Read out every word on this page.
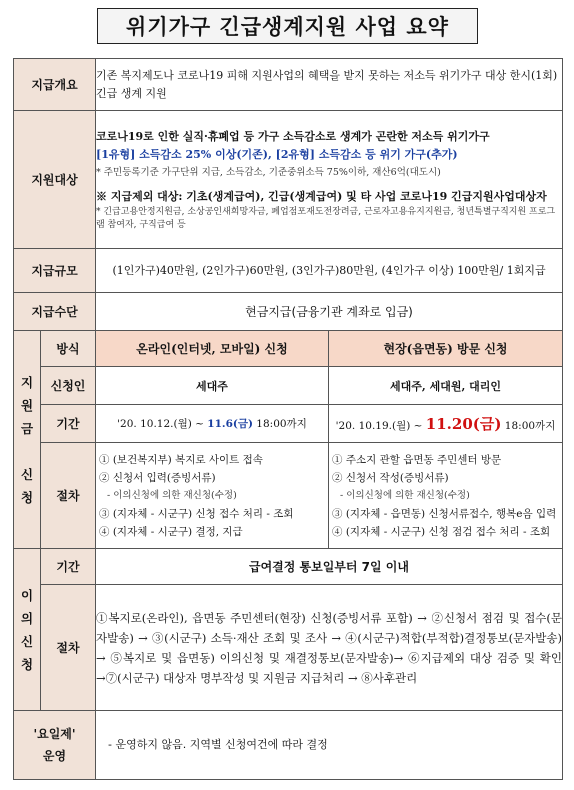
위기가구 긴급생계지원 사업 요약
지급개요		기존 복지제도나 코로나19 피해 지원사업의 혜택을 받지 못하는 저소득 위기가구 대상 한시(1회) 긴급 생계 지원	
지원대상		코로나19로 인한 실직·휴폐업 등 가구 소득감소로 생계가 곤란한 저소득 위기가구
[1유형] 소득감소 25% 이상(기존), [2유형] 소득감소 등 위기 가구(추가)
* 주민등록기준 가구단위 지급, 소득감소, 기준중위소득 75%이하, 재산6억(대도시)
※ 지급제외 대상: 기초(생계급여), 긴급(생계급여) 및 타 사업 코로나19 긴급지원사업대상자
* 긴급고용안정지원금, 소상공인새희망자금, 폐업점포재도전장려금, 근로자고용유지지원금, 청년특별구직지원 프로그램 참여자, 구직급여 등	

지급규모		(1인가구)40만원, (2인가구)60만원, (3인가구)80만원, (4인가구 이상) 100만원/ 1회지급	
지급수단		현금지급(금융기관 계좌로 입금)	
지
원
금

신
청	방식	온라인(인터넷, 모바일) 신청	현장(읍면동) 방문 신청
	신청인	세대주	세대주, 세대원, 대리인
	기간	'20. 10.12.(월) ~ 11.6(금) 18:00까지	'20. 10.19.(월) ~ 11.20(금) 18:00까지
	절차	① (보건복지부) 복지로 사이트 접속
② 신청서 입력(증빙서류)
- 이의신청에 의한 재신청(수정)
③ (지자체 - 시군구) 신청 접수 처리 - 조회
④ (지자체 - 시군구) 결정, 지급	① 주소지 관할 읍면동 주민센터 방문
② 신청서 작성(증빙서류)
- 이의신청에 의한 재신청(수정)
③ (지자체 - 읍면동) 신청서류접수, 행복e음 입력
④ (지자체 - 시군구) 신청 점검 접수 처리 - 조회

이
의
신
청	기간	급여결정 통보일부터 7일 이내	
	절차	①복지로(온라인), 읍면동 주민센터(현장) 신청(증빙서류 포함) → ②신청서 점검 및 접수(문자발송) → ③(시군구) 소득·재산 조회 및 조사 → ④(시군구)적합(부적합)결정통보(문자발송) → ⑤복지로 및 읍면동) 이의신청 및 재결정통보(문자발송)→ ⑥지급제외 대상 검증 및 확인→⑦(시군구) 대상자 명부작성 및 지원금 지급처리 → ⑧사후관리	

'요일제'
운영		- 운영하지 않음. 지역별 신청여건에 따라 결정	
